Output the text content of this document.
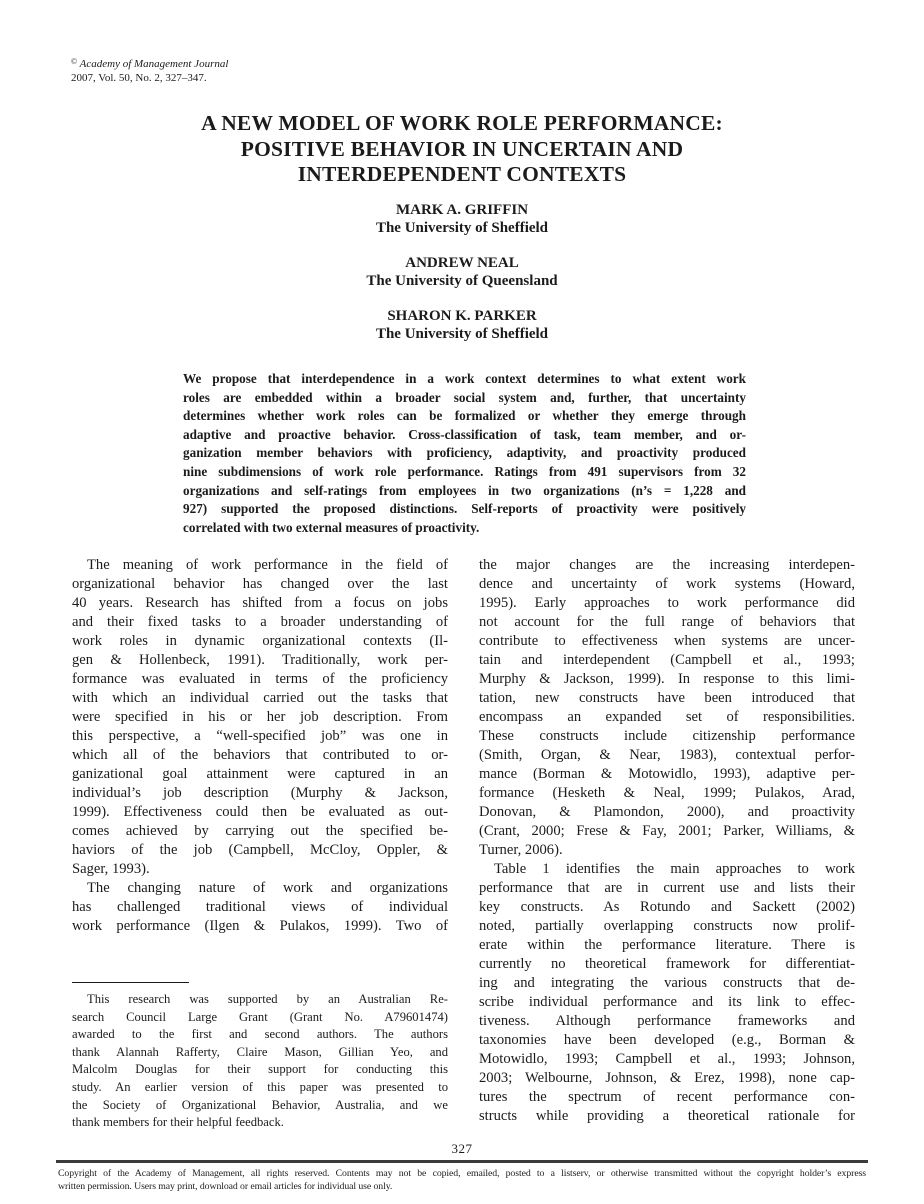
© Academy of Management Journal
2007, Vol. 50, No. 2, 327–347.
A NEW MODEL OF WORK ROLE PERFORMANCE:
POSITIVE BEHAVIOR IN UNCERTAIN AND
INTERDEPENDENT CONTEXTS
MARK A. GRIFFIN
The University of Sheffield
ANDREW NEAL
The University of Queensland
SHARON K. PARKER
The University of Sheffield
We propose that interdependence in a work context determines to what extent work
roles are embedded within a broader social system and, further, that uncertainty
determines whether work roles can be formalized or whether they emerge through
adaptive and proactive behavior. Cross-classification of task, team member, and or-
ganization member behaviors with proficiency, adaptivity, and proactivity produced
nine subdimensions of work role performance. Ratings from 491 supervisors from 32
organizations and self-ratings from employees in two organizations (n’s = 1,228 and
927) supported the proposed distinctions. Self-reports of proactivity were positively
correlated with two external measures of proactivity.
The meaning of work performance in the field of
organizational behavior has changed over the last
40 years. Research has shifted from a focus on jobs
and their fixed tasks to a broader understanding of
work roles in dynamic organizational contexts (Il-
gen & Hollenbeck, 1991). Traditionally, work per-
formance was evaluated in terms of the proficiency
with which an individual carried out the tasks that
were specified in his or her job description. From
this perspective, a “well-specified job” was one in
which all of the behaviors that contributed to or-
ganizational goal attainment were captured in an
individual’s job description (Murphy & Jackson,
1999). Effectiveness could then be evaluated as out-
comes achieved by carrying out the specified be-
haviors of the job (Campbell, McCloy, Oppler, &
Sager, 1993).
The changing nature of work and organizations
has challenged traditional views of individual
work performance (Ilgen & Pulakos, 1999). Two of
the major changes are the increasing interdepen-
dence and uncertainty of work systems (Howard,
1995). Early approaches to work performance did
not account for the full range of behaviors that
contribute to effectiveness when systems are uncer-
tain and interdependent (Campbell et al., 1993;
Murphy & Jackson, 1999). In response to this limi-
tation, new constructs have been introduced that
encompass an expanded set of responsibilities.
These constructs include citizenship performance
(Smith, Organ, & Near, 1983), contextual perfor-
mance (Borman & Motowidlo, 1993), adaptive per-
formance (Hesketh & Neal, 1999; Pulakos, Arad,
Donovan, & Plamondon, 2000), and proactivity
(Crant, 2000; Frese & Fay, 2001; Parker, Williams, &
Turner, 2006).
Table 1 identifies the main approaches to work
performance that are in current use and lists their
key constructs. As Rotundo and Sackett (2002)
noted, partially overlapping constructs now prolif-
erate within the performance literature. There is
currently no theoretical framework for differentiat-
ing and integrating the various constructs that de-
scribe individual performance and its link to effec-
tiveness. Although performance frameworks and
taxonomies have been developed (e.g., Borman &
Motowidlo, 1993; Campbell et al., 1993; Johnson,
2003; Welbourne, Johnson, & Erez, 1998), none cap-
tures the spectrum of recent performance con-
structs while providing a theoretical rationale for
This research was supported by an Australian Re-
search Council Large Grant (Grant No. A79601474)
awarded to the first and second authors. The authors
thank Alannah Rafferty, Claire Mason, Gillian Yeo, and
Malcolm Douglas for their support for conducting this
study. An earlier version of this paper was presented to
the Society of Organizational Behavior, Australia, and we
thank members for their helpful feedback.
327
Copyright of the Academy of Management, all rights reserved. Contents may not be copied, emailed, posted to a listserv, or otherwise transmitted without the copyright holder’s express
written permission. Users may print, download or email articles for individual use only.
